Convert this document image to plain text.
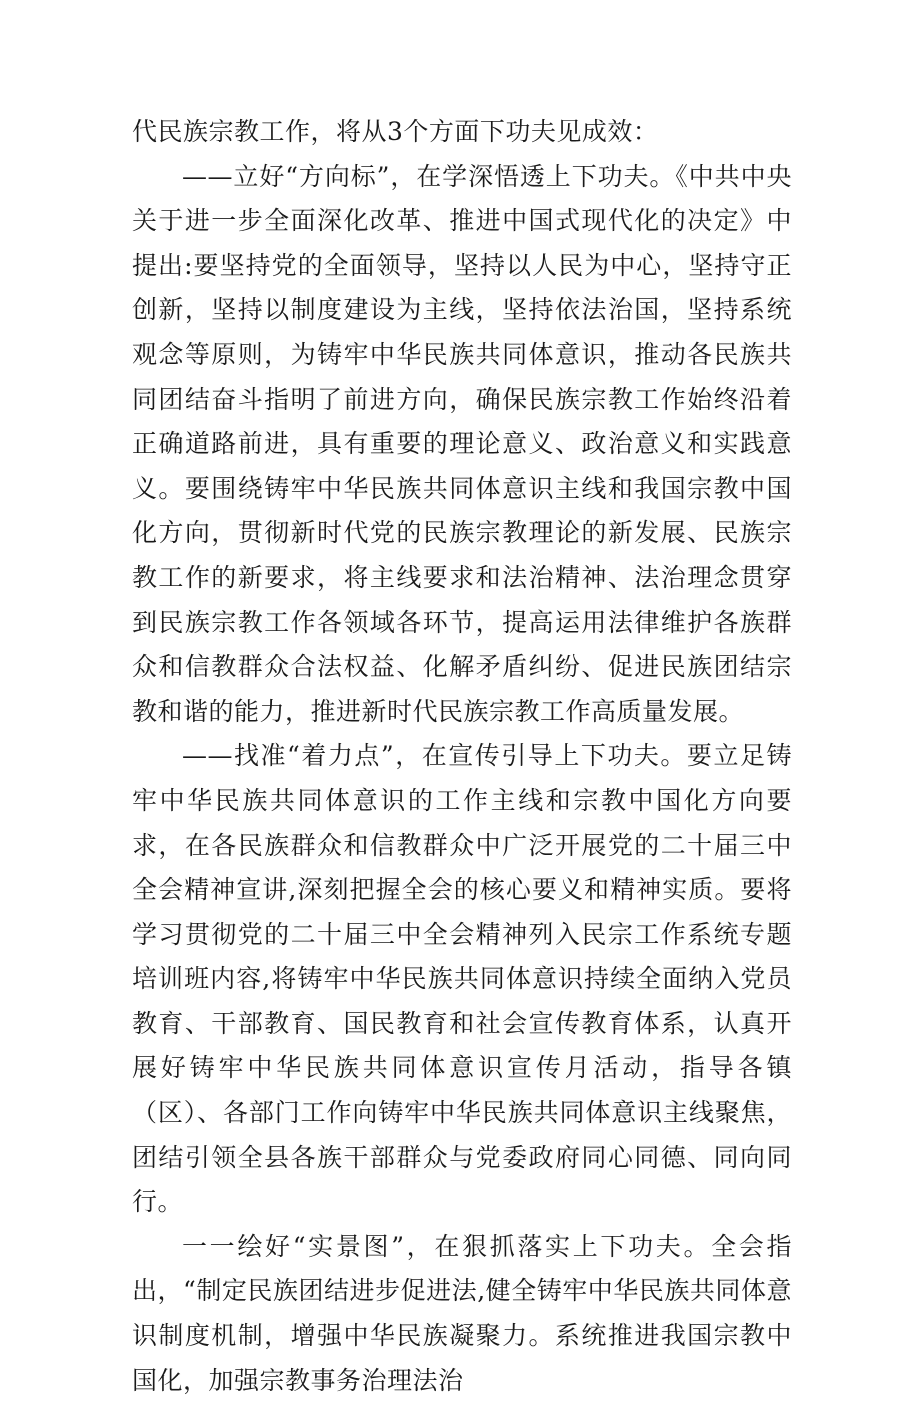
代民族宗教工作，将从3个方面下功夫见成效：

——立好“方向标”，在学深悟透上下功夫。《中共中央关于进一步全面深化改革、推进中国式现代化的决定》中提出:要坚持党的全面领导，坚持以人民为中心，坚持守正创新，坚持以制度建设为主线，坚持依法治国，坚持系统观念等原则，为铸牢中华民族共同体意识，推动各民族共同团结奋斗指明了前进方向，确保民族宗教工作始终沿着正确道路前进，具有重要的理论意义、政治意义和实践意义。要围绕铸牢中华民族共同体意识主线和我国宗教中国化方向，贯彻新时代党的民族宗教理论的新发展、民族宗教工作的新要求，将主线要求和法治精神、法治理念贯穿到民族宗教工作各领域各环节，提高运用法律维护各族群众和信教群众合法权益、化解矛盾纠纷、促进民族团结宗教和谐的能力，推进新时代民族宗教工作高质量发展。

——找准“着力点”，在宣传引导上下功夫。要立足铸牢中华民族共同体意识的工作主线和宗教中国化方向要求，在各民族群众和信教群众中广泛开展党的二十届三中全会精神宣讲,深刻把握全会的核心要义和精神实质。要将学习贯彻党的二十届三中全会精神列入民宗工作系统专题培训班内容,将铸牢中华民族共同体意识持续全面纳入党员教育、干部教育、国民教育和社会宣传教育体系，认真开展好铸牢中华民族共同体意识宣传月活动，指导各镇（区）、各部门工作向铸牢中华民族共同体意识主线聚焦，团结引领全县各族干部群众与党委政府同心同德、同向同行。

一一绘好“实景图”，在狠抓落实上下功夫。全会指出，“制定民族团结进步促进法,健全铸牢中华民族共同体意识制度机制，增强中华民族凝聚力。系统推进我国宗教中国化，加强宗教事务治理法治
